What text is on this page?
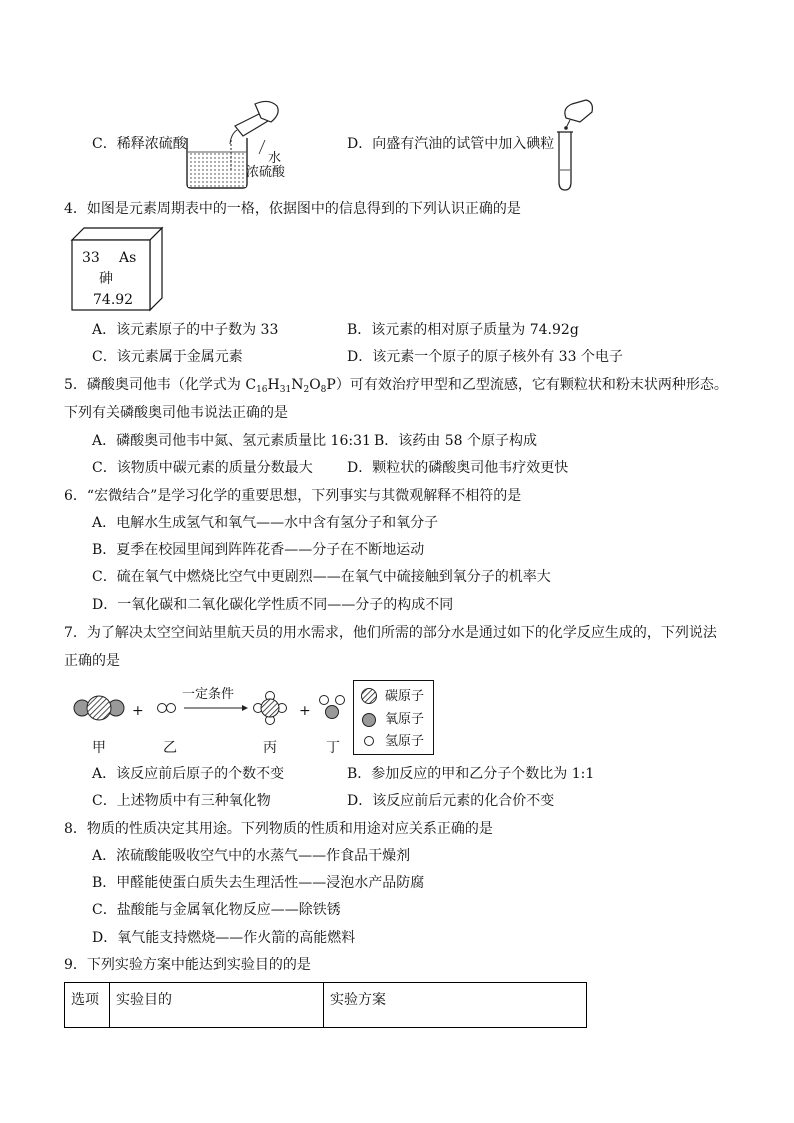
C．稀释浓硫酸
水
浓硫酸
D．向盛有汽油的试管中加入碘粒
4．如图是元素周期表中的一格，依据图中的信息得到的下列认识正确的是
33 As
砷
74.92
A．该元素原子的中子数为 33	B．该元素的相对原子质量为 74.92g
C．该元素属于金属元素	D．该元素一个原子的原子核外有 33 个电子
5．磷酸奥司他韦（化学式为 $C_{16}H_{31}N_2O_8P$）可有效治疗甲型和乙型流感，它有颗粒状和粉末状两种形态。
下列有关磷酸奥司他韦说法正确的是
A．磷酸奥司他韦中氮、氢元素质量比 16:31 B．该药由 58 个原子构成
C．该物质中碳元素的质量分数最大 D．颗粒状的磷酸奥司他韦疗效更快
6．“宏微结合”是学习化学的重要思想，下列事实与其微观解释不相符的是
A．电解水生成氢气和氧气——水中含有氢分子和氧分子
B．夏季在校园里闻到阵阵花香——分子在不断地运动
C．硫在氧气中燃烧比空气中更剧烈——在氧气中硫接触到氧分子的机率大
D．一氧化碳和二氧化碳化学性质不同——分子的构成不同
7．为了解决太空空间站里航天员的用水需求，他们所需的部分水是通过如下的化学反应生成的，下列说法
正确的是
+	+
一定条件
甲	乙	丙	丁
碳原子
氧原子
氢原子
A．该反应前后原子的个数不变	B．参加反应的甲和乙分子个数比为 1:1
C．上述物质中有三种氧化物	D．该反应前后元素的化合价不变
8．物质的性质决定其用途。下列物质的性质和用途对应关系正确的是
A．浓硫酸能吸收空气中的水蒸气——作食品干燥剂
B．甲醛能使蛋白质失去生理活性——浸泡水产品防腐
C．盐酸能与金属氧化物反应——除铁锈
D．氧气能支持燃烧——作火箭的高能燃料
9．下列实验方案中能达到实验目的的是
选项	实验目的	实验方案
